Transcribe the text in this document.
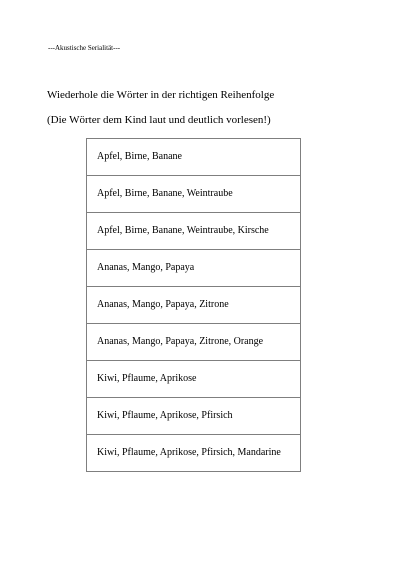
---Akustische Serialität---
Wiederhole die Wörter in der richtigen Reihenfolge
(Die Wörter dem Kind laut und deutlich vorlesen!)
Apfel, Birne, Banane
Apfel, Birne, Banane, Weintraube
Apfel, Birne, Banane, Weintraube, Kirsche
Ananas, Mango, Papaya
Ananas, Mango, Papaya, Zitrone
Ananas, Mango, Papaya, Zitrone, Orange
Kiwi, Pflaume, Aprikose
Kiwi, Pflaume, Aprikose, Pfirsich
Kiwi, Pflaume, Aprikose, Pfirsich, Mandarine
